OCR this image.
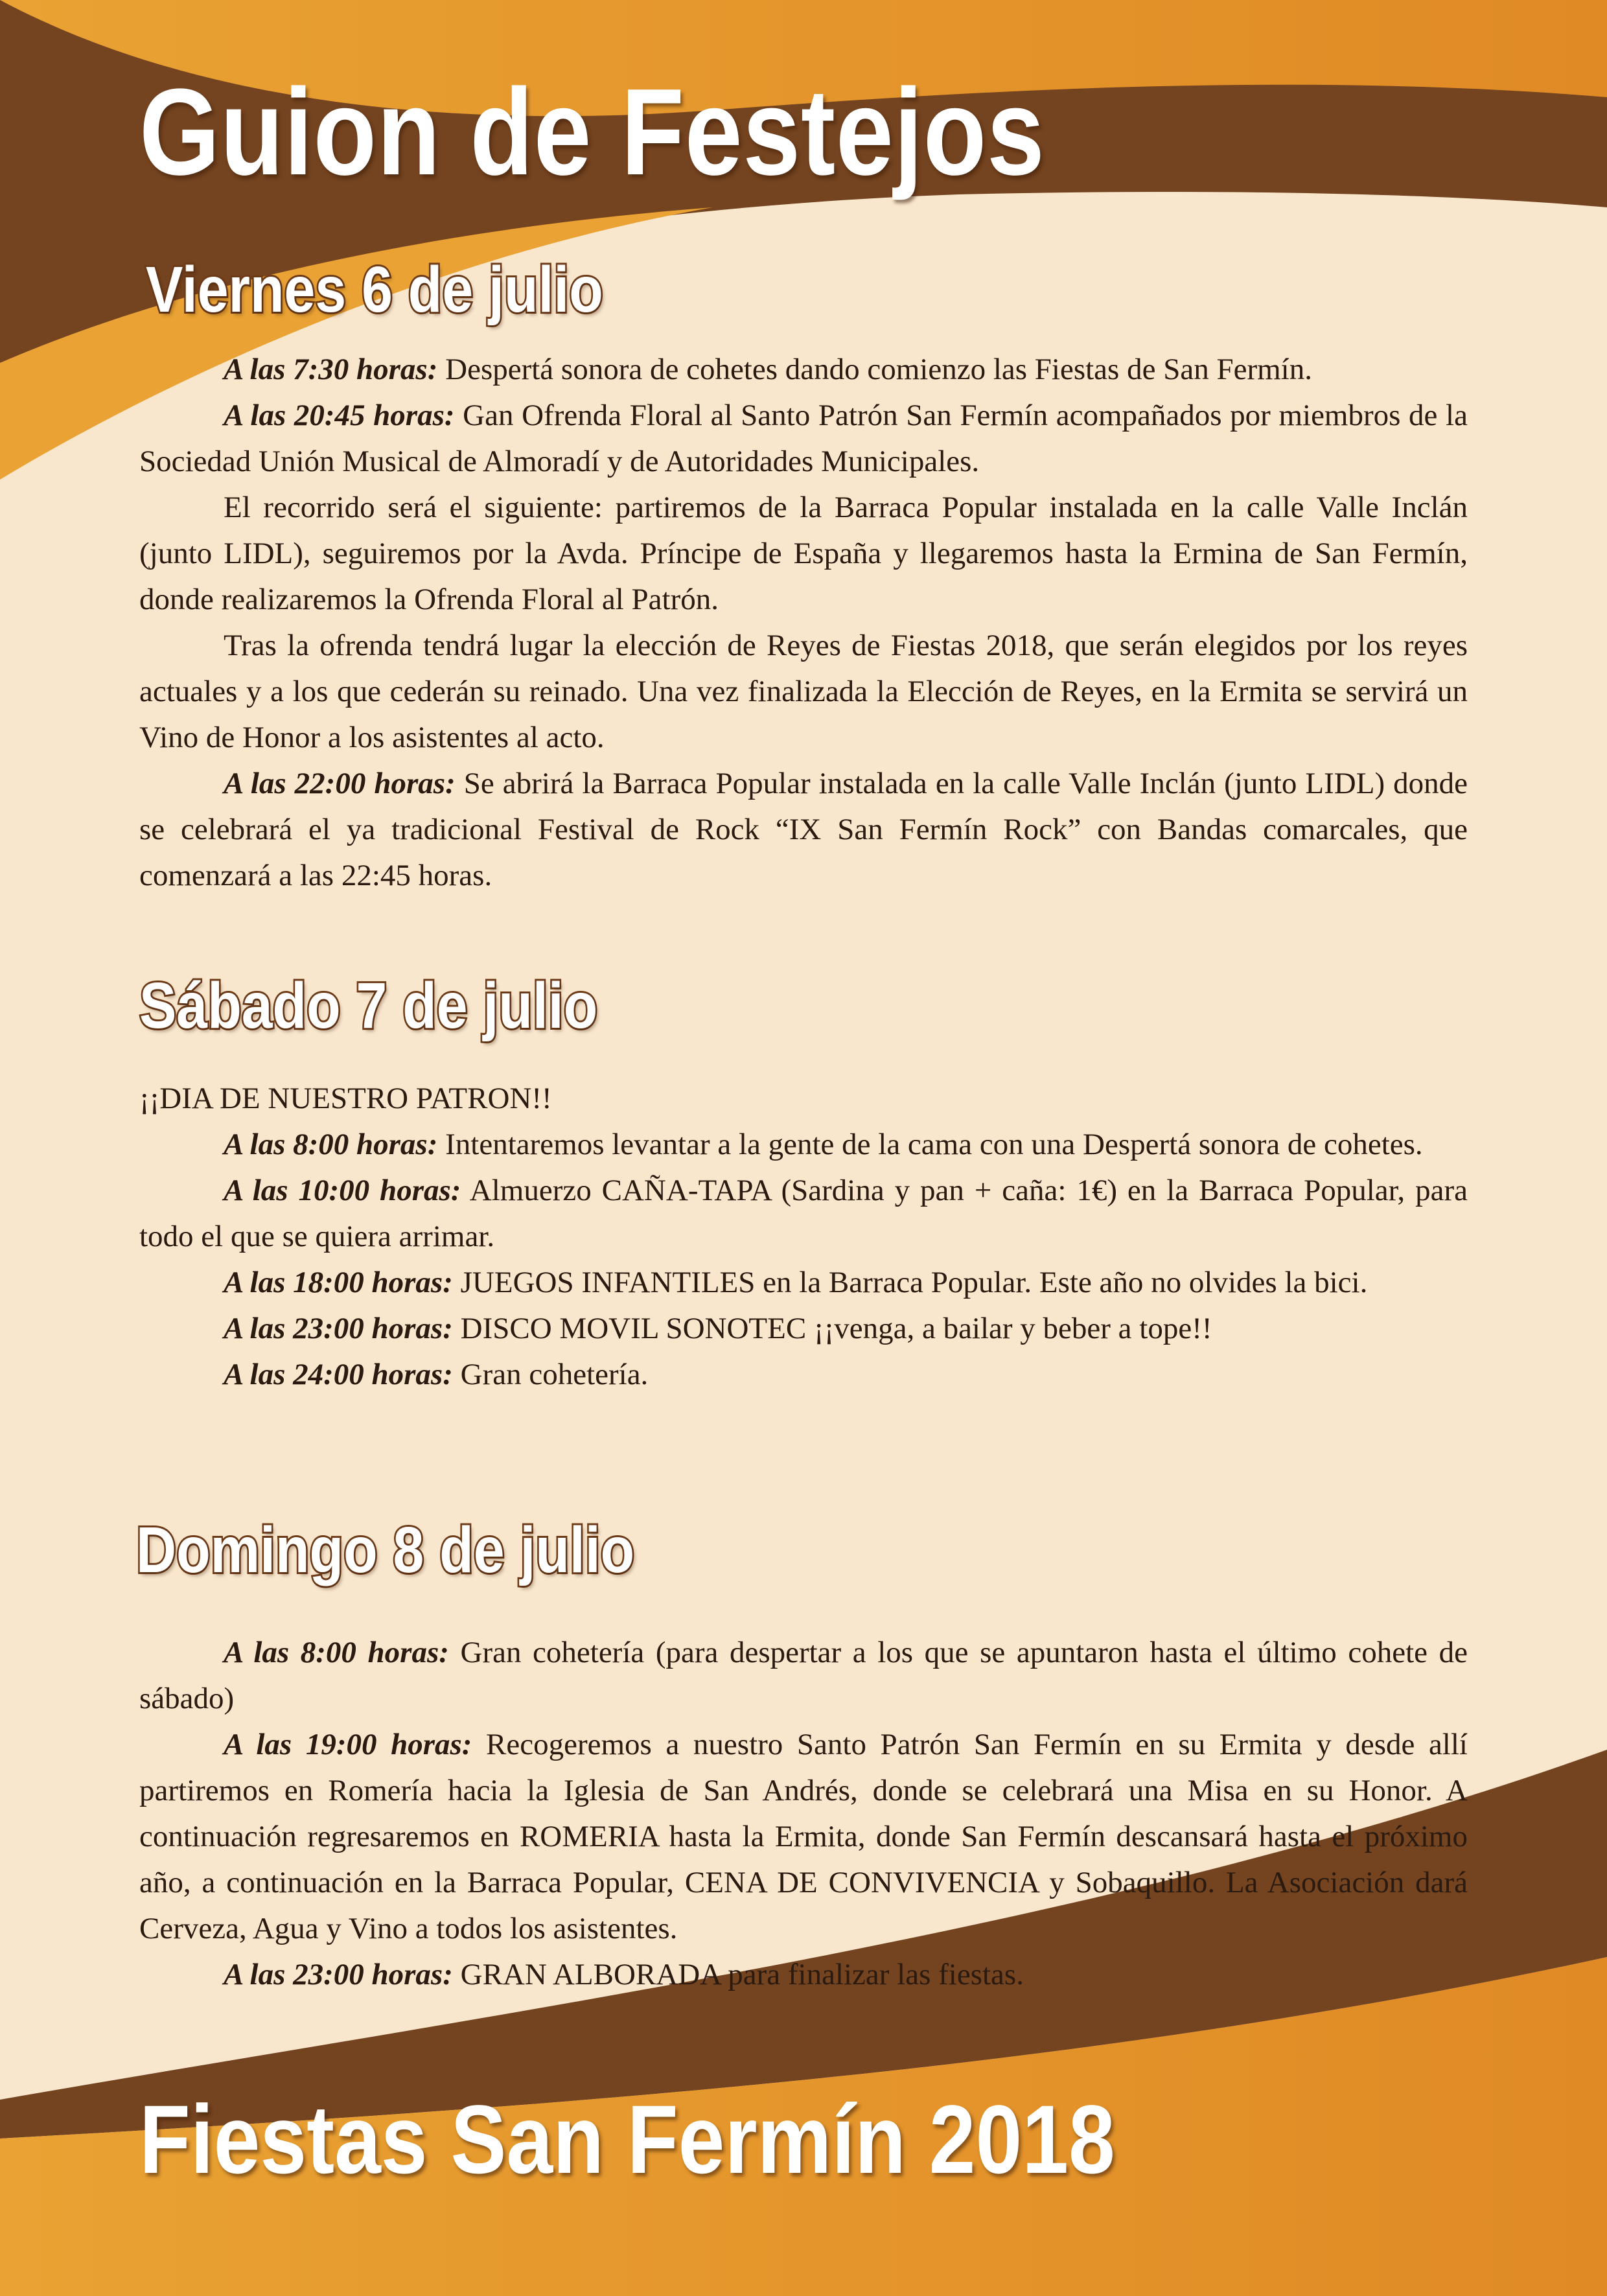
Guion de Festejos
Viernes 6 de julio

A las 7:30 horas: Despertá sonora de cohetes dando comienzo las Fiestas de San Fermín.

A las 20:45 horas: Gan Ofrenda Floral al Santo Patrón San Fermín acompañados por miembros de la Sociedad Unión Musical de Almoradí y de Autoridades Municipales.

El recorrido será el siguiente: partiremos de la Barraca Popular instalada en la calle Valle Inclán (junto LIDL), seguiremos por la Avda. Príncipe de España y llegaremos hasta la Ermina de San Fermín, donde realizaremos la Ofrenda Floral al Patrón.

Tras la ofrenda tendrá lugar la elección de Reyes de Fiestas 2018, que serán elegidos por los reyes actuales y a los que cederán su reinado. Una vez finalizada la Elección de Reyes, en la Ermita se servirá un Vino de Honor a los asistentes al acto.

A las 22:00 horas: Se abrirá la Barraca Popular instalada en la calle Valle Inclán (junto LIDL) donde se celebrará el ya tradicional Festival de Rock “IX San Fermín Rock” con Bandas comarcales, que comenzará a las 22:45 horas.

Sábado 7 de julio

¡¡DIA DE NUESTRO PATRON!!

A las 8:00 horas: Intentaremos levantar a la gente de la cama con una Despertá sonora de cohetes.

A las 10:00 horas: Almuerzo CAÑA-TAPA (Sardina y pan + caña: 1€) en la Barraca Popular, para todo el que se quiera arrimar.

A las 18:00 horas: JUEGOS INFANTILES en la Barraca Popular. Este año no olvides la bici.

A las 23:00 horas: DISCO MOVIL SONOTEC ¡¡venga, a bailar y beber a tope!!

A las 24:00 horas: Gran cohetería.

Domingo 8 de julio

A las 8:00 horas: Gran cohetería (para despertar a los que se apuntaron hasta el último cohete de sábado)

A las 19:00 horas: Recogeremos a nuestro Santo Patrón San Fermín en su Ermita y desde allí partiremos en Romería hacia la Iglesia de San Andrés, donde se celebrará una Misa en su Honor. A continuación regresaremos en ROMERIA hasta la Ermita, donde San Fermín descansará hasta el próximo año, a continuación en la Barraca Popular, CENA DE CONVIVENCIA y Sobaquillo. La Asociación dará Cerveza, Agua y Vino a todos los asistentes.

A las 23:00 horas: GRAN ALBORADA para finalizar las fiestas.

Fiestas San Fermín 2018
